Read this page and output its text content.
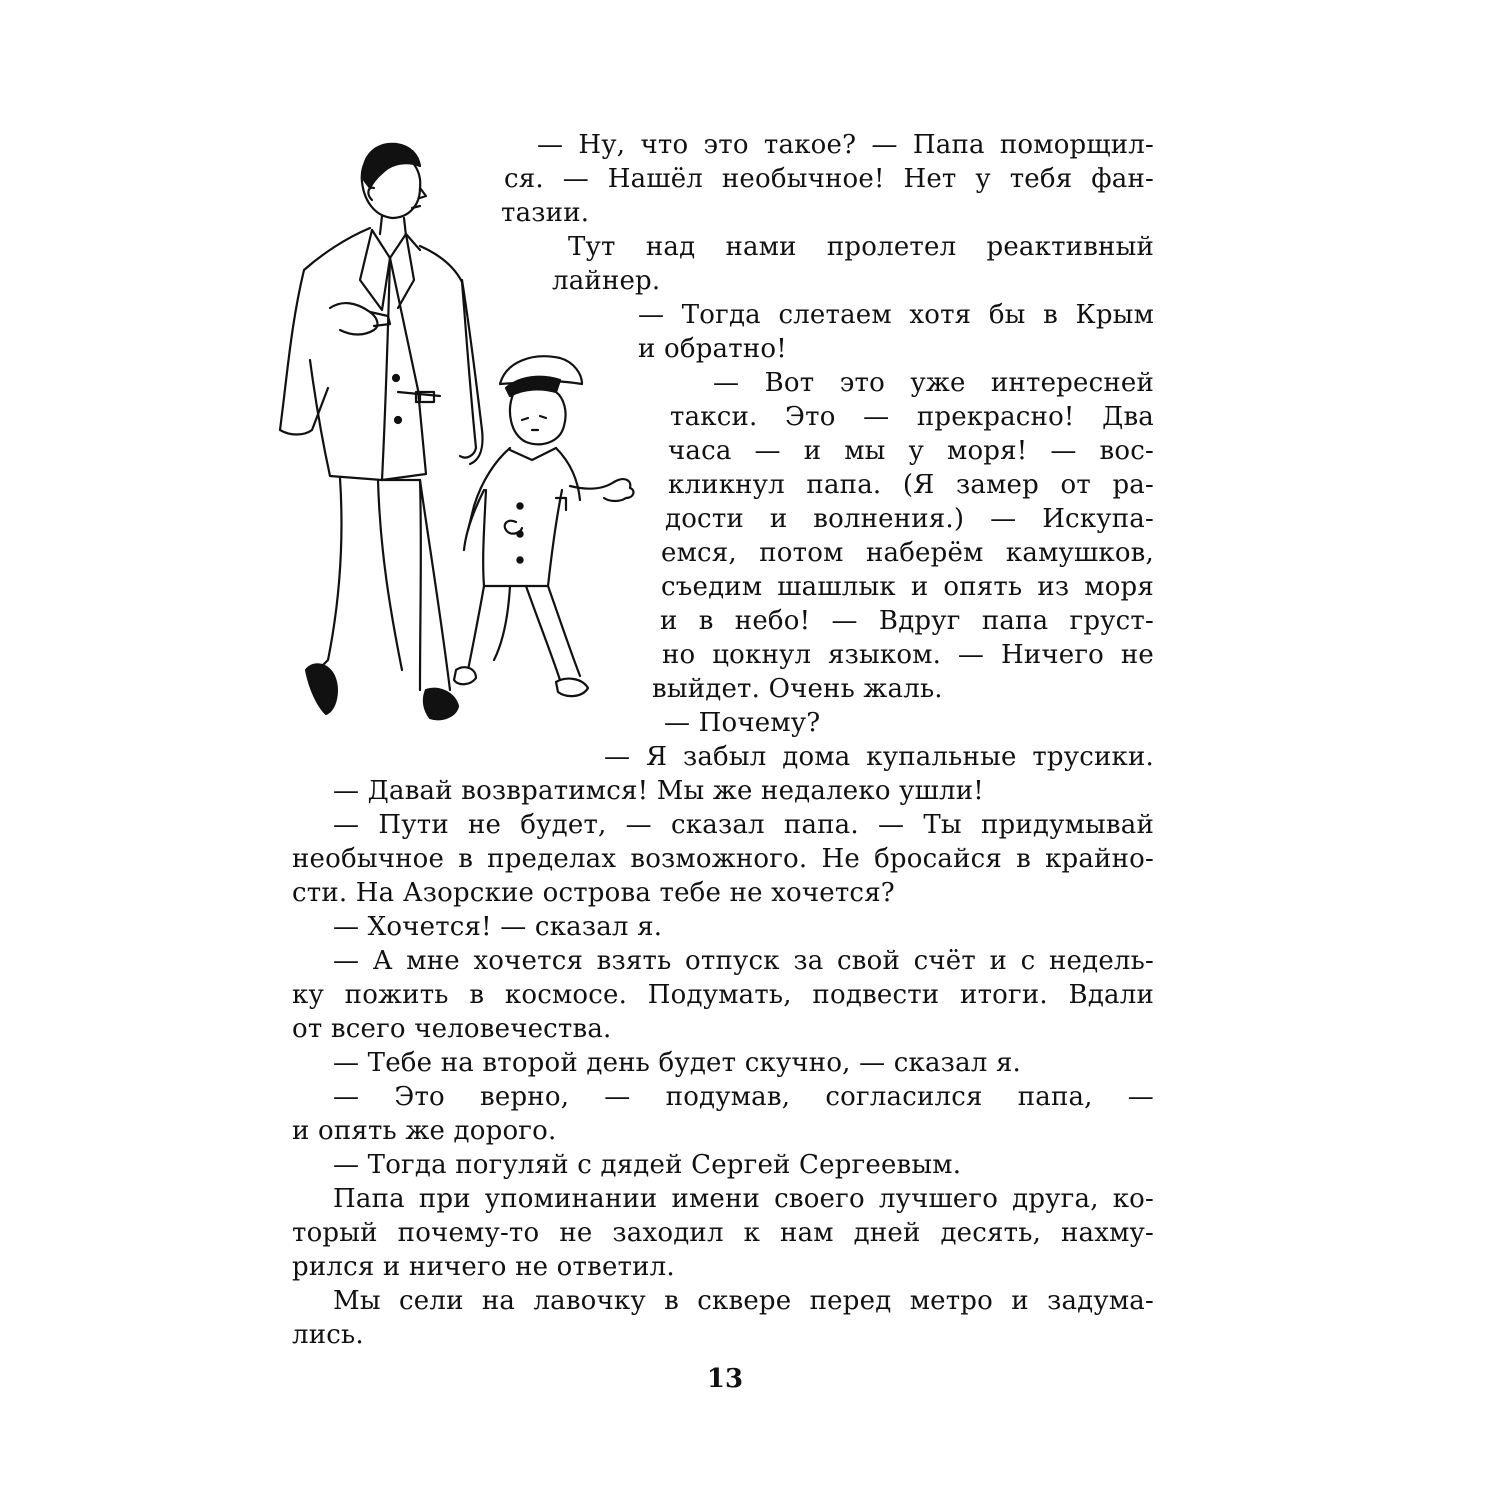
— Ну, что это такое? — Папа поморщил-
ся. — Нашёл необычное! Нет у тебя фан-
тазии.
Тут над нами пролетел реактивный
лайнер.
— Тогда слетаем хотя бы в Крым
и обратно!
— Вот это уже интересней
такси. Это — прекрасно! Два
часа — и мы у моря! — вос-
кликнул папа. (Я замер от ра-
дости и волнения.) — Искупа-
емся, потом наберём камушков,
съедим шашлык и опять из моря
и в небо! — Вдруг папа груст-
но цокнул языком. — Ничего не
выйдет. Очень жаль.
— Почему?
— Я забыл дома купальные трусики.
— Давай возвратимся! Мы же недалеко ушли!
— Пути не будет, — сказал папа. — Ты придумывай
необычное в пределах возможного. Не бросайся в крайно-
сти. На Азорские острова тебе не хочется?
— Хочется! — сказал я.
— А мне хочется взять отпуск за свой счёт и с недель-
ку пожить в космосе. Подумать, подвести итоги. Вдали
от всего человечества.
— Тебе на второй день будет скучно, — сказал я.
— Это верно, — подумав, согласился папа, —
и опять же дорого.
— Тогда погуляй с дядей Сергей Сергеевым.
Папа при упоминании имени своего лучшего друга, ко-
торый почему-то не заходил к нам дней десять, нахму-
рился и ничего не ответил.
Мы сели на лавочку в сквере перед метро и задума-
лись.
13
